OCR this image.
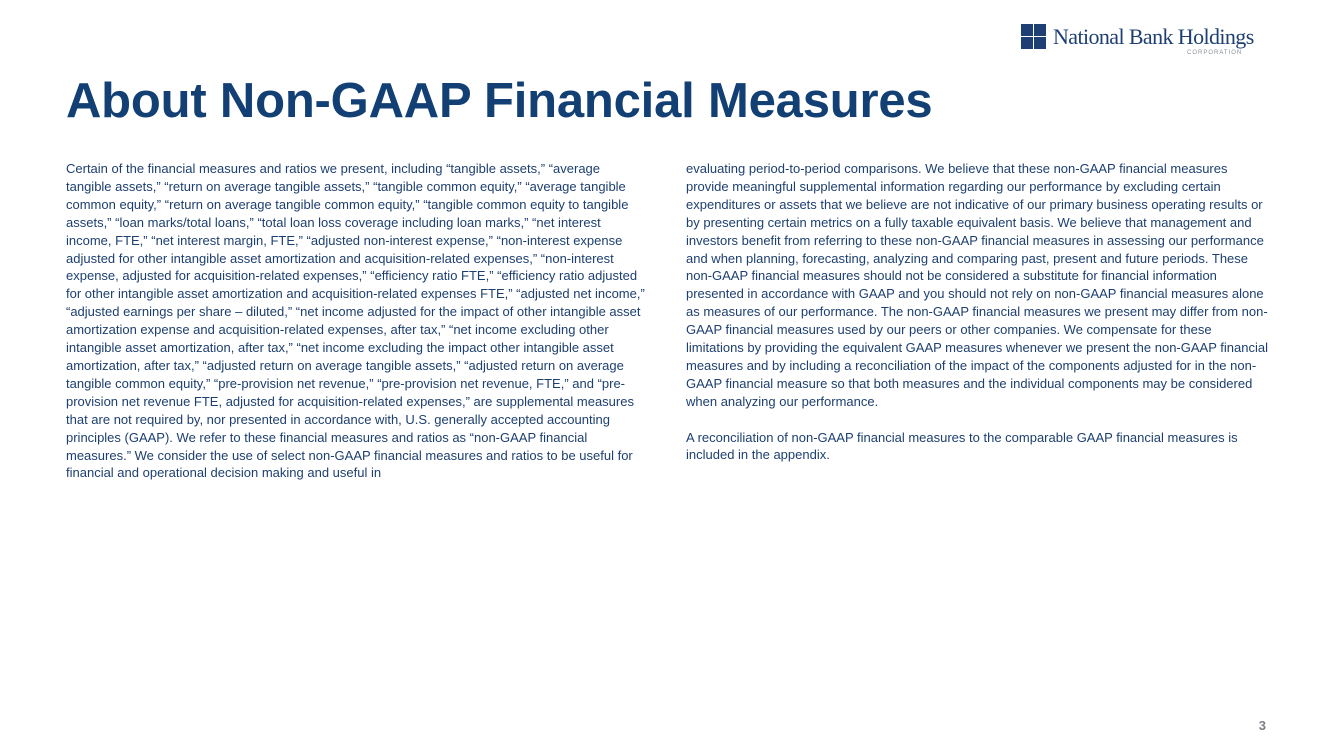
National Bank Holdings
CORPORATION
About Non-GAAP Financial Measures

Certain of the financial measures and ratios we present, including “tangible assets,” “average tangible assets,” “return on average tangible assets,” “tangible common equity,” “average tangible common equity,” “return on average tangible common equity,” “tangible common equity to tangible assets,” “loan marks/total loans,” “total loan loss coverage including loan marks,” “net interest income, FTE,” “net interest margin, FTE,” “adjusted non-interest expense,” “non-interest expense adjusted for other intangible asset amortization and acquisition-related expenses,” “non-interest expense, adjusted for acquisition-related expenses,” “efficiency ratio FTE,” “efficiency ratio adjusted for other intangible asset amortization and acquisition-related expenses FTE,” “adjusted net income,” “adjusted earnings per share – diluted,” “net income adjusted for the impact of other intangible asset amortization expense and acquisition-related expenses, after tax,” “net income excluding other intangible asset amortization, after tax,” “net income excluding the impact other intangible asset amortization, after tax,” “adjusted return on average tangible assets,” “adjusted return on average tangible common equity,” “pre-provision net revenue,” “pre-provision net revenue, FTE,” and “pre-provision net revenue FTE, adjusted for acquisition-related expenses,” are supplemental measures that are not required by, nor presented in accordance with, U.S. generally accepted accounting principles (GAAP). We refer to these financial measures and ratios as “non-GAAP financial measures.” We consider the use of select non-GAAP financial measures and ratios to be useful for financial and operational decision making and useful in

evaluating period-to-period comparisons. We believe that these non-GAAP financial measures provide meaningful supplemental information regarding our performance by excluding certain expenditures or assets that we believe are not indicative of our primary business operating results or by presenting certain metrics on a fully taxable equivalent basis. We believe that management and investors benefit from referring to these non-GAAP financial measures in assessing our performance and when planning, forecasting, analyzing and comparing past, present and future periods. These non-GAAP financial measures should not be considered a substitute for financial information presented in accordance with GAAP and you should not rely on non-GAAP financial measures alone as measures of our performance. The non-GAAP financial measures we present may differ from non-GAAP financial measures used by our peers or other companies. We compensate for these limitations by providing the equivalent GAAP measures whenever we present the non-GAAP financial measures and by including a reconciliation of the impact of the components adjusted for in the non-GAAP financial measure so that both measures and the individual components may be considered when analyzing our performance.

A reconciliation of non-GAAP financial measures to the comparable GAAP financial measures is included in the appendix.

3
